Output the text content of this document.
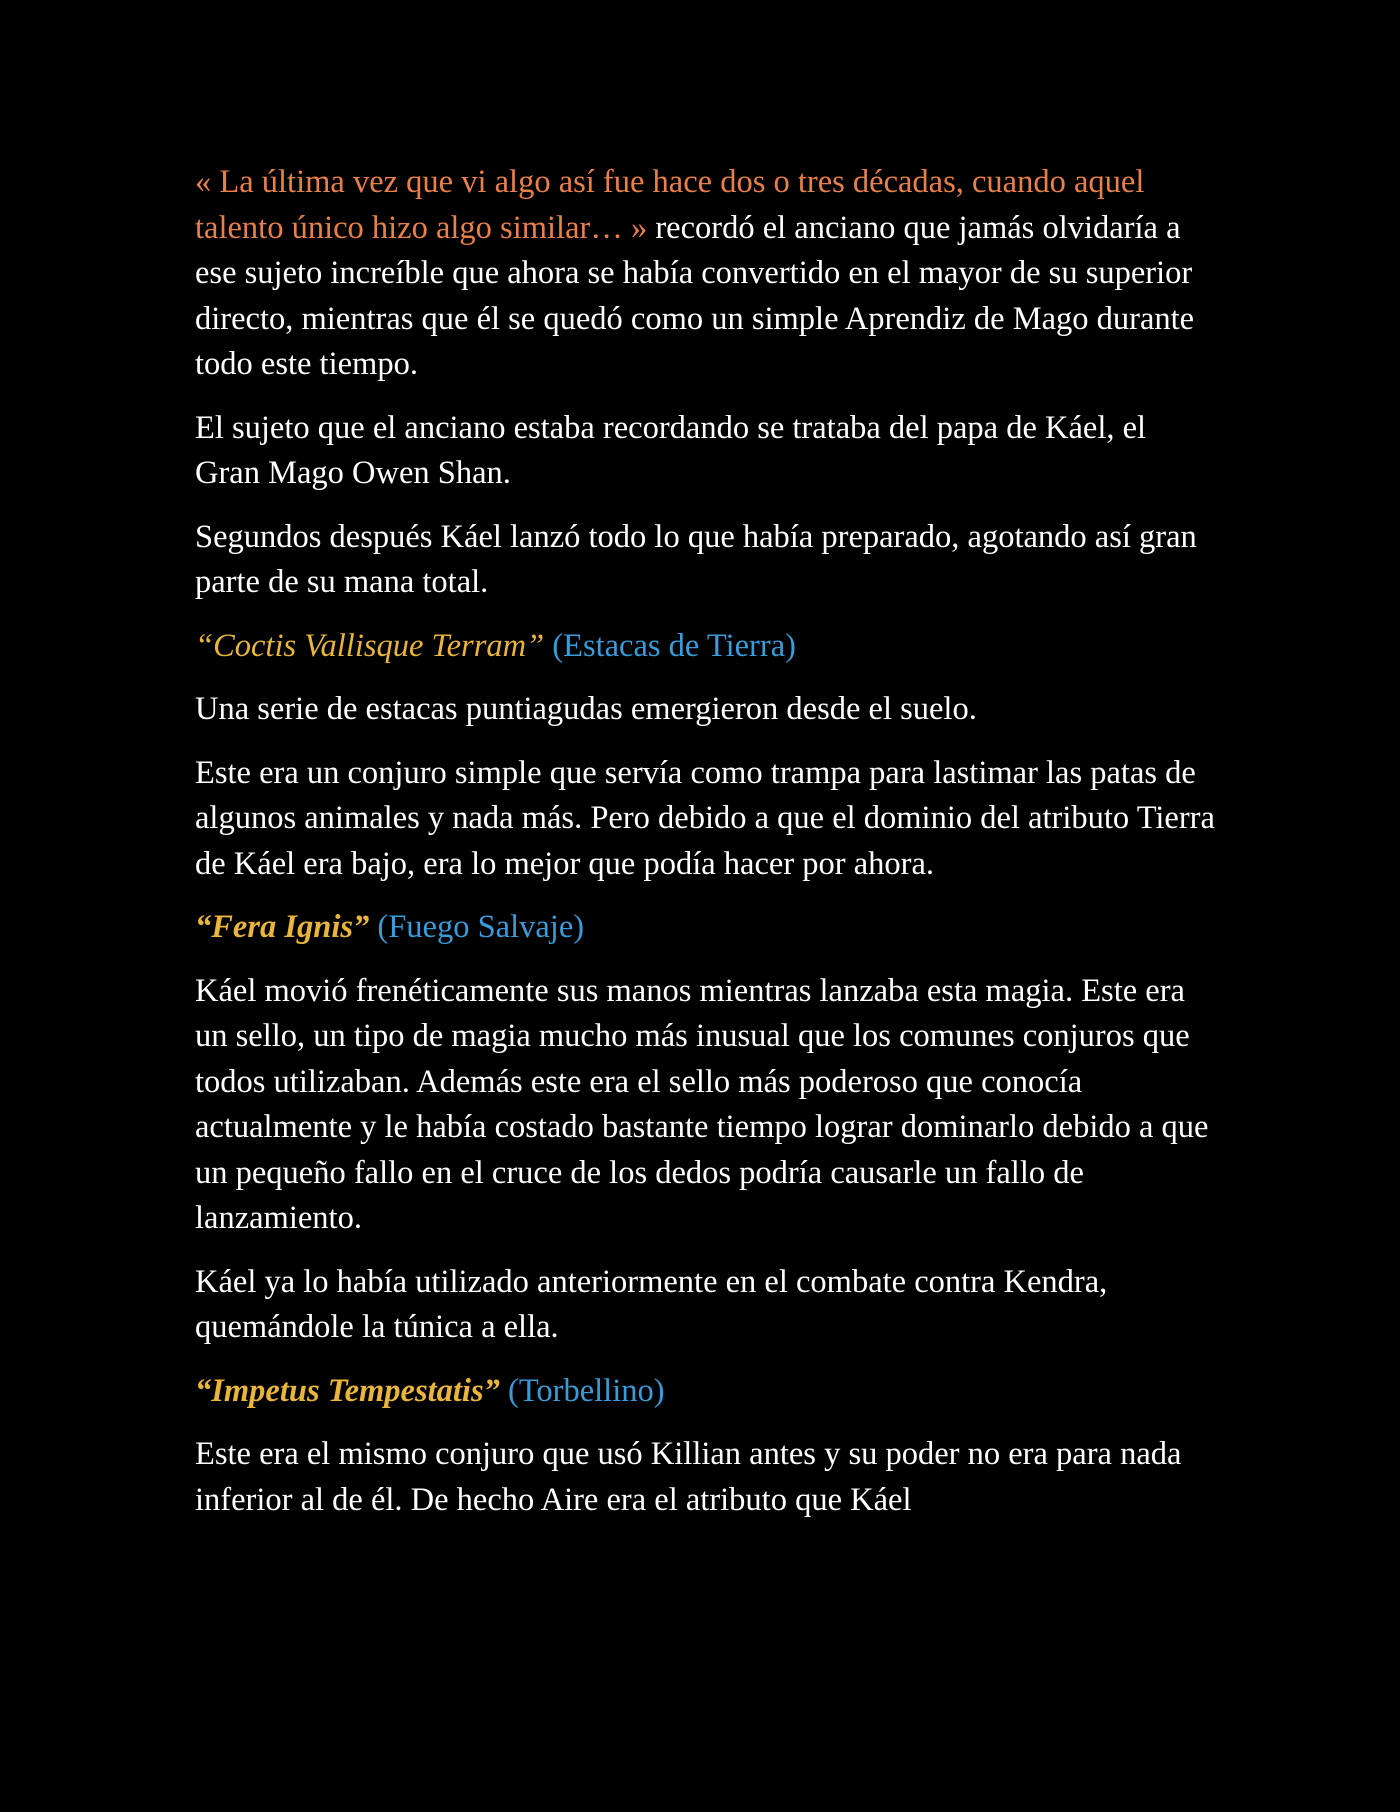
« La última vez que vi algo así fue hace dos o tres décadas, cuando aquel talento único hizo algo similar… » recordó el anciano que jamás olvidaría a ese sujeto increíble que ahora se había convertido en el mayor de su superior directo, mientras que él se quedó como un simple Aprendiz de Mago durante todo este tiempo.

El sujeto que el anciano estaba recordando se trataba del papa de Káel, el Gran Mago Owen Shan.

Segundos después Káel lanzó todo lo que había preparado, agotando así gran parte de su mana total.

“Coctis Vallisque Terram” (Estacas de Tierra)

Una serie de estacas puntiagudas emergieron desde el suelo.

Este era un conjuro simple que servía como trampa para lastimar las patas de algunos animales y nada más. Pero debido a que el dominio del atributo Tierra de Káel era bajo, era lo mejor que podía hacer por ahora.

“Fera Ignis” (Fuego Salvaje)

Káel movió frenéticamente sus manos mientras lanzaba esta magia. Este era un sello, un tipo de magia mucho más inusual que los comunes conjuros que todos utilizaban. Además este era el sello más poderoso que conocía actualmente y le había costado bastante tiempo lograr dominarlo debido a que un pequeño fallo en el cruce de los dedos podría causarle un fallo de lanzamiento.

Káel ya lo había utilizado anteriormente en el combate contra Kendra, quemándole la túnica a ella.

“Impetus Tempestatis” (Torbellino)

Este era el mismo conjuro que usó Killian antes y su poder no era para nada inferior al de él. De hecho Aire era el atributo que Káel
